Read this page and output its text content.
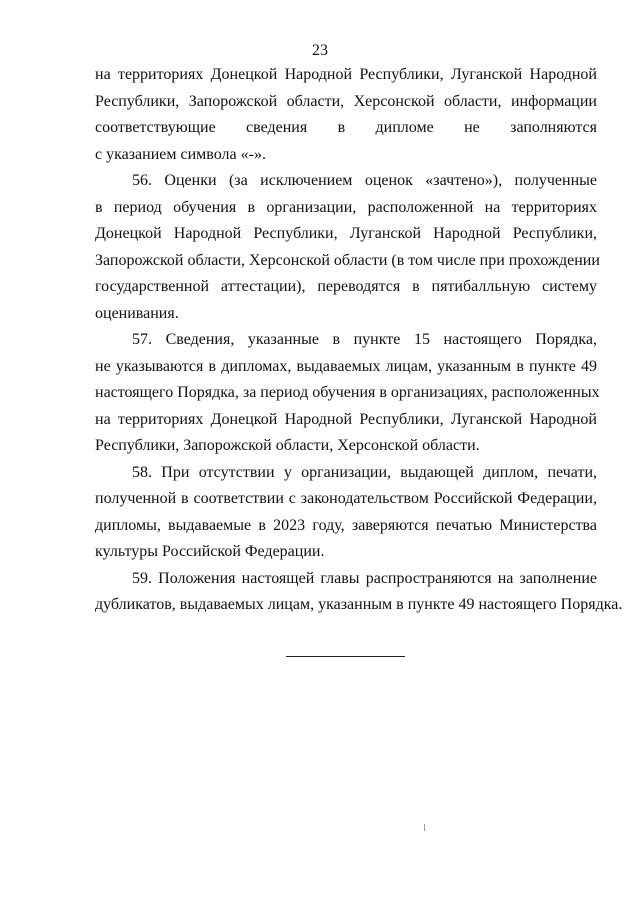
23
на территориях Донецкой Народной Республики, Луганской Народной
Республики, Запорожской области, Херсонской области, информации
соответствующие сведения в дипломе не заполняются
с указанием символа «-».
56. Оценки (за исключением оценок «зачтено»), полученные
в период обучения в организации, расположенной на территориях
Донецкой Народной Республики, Луганской Народной Республики,
Запорожской области, Херсонской области (в том числе при прохождении
государственной аттестации), переводятся в пятибалльную систему
оценивания.
57. Сведения, указанные в пункте 15 настоящего Порядка,
не указываются в дипломах, выдаваемых лицам, указанным в пункте 49
настоящего Порядка, за период обучения в организациях, расположенных
на территориях Донецкой Народной Республики, Луганской Народной
Республики, Запорожской области, Херсонской области.
58. При отсутствии у организации, выдающей диплом, печати,
полученной в соответствии с законодательством Российской Федерации,
дипломы, выдаваемые в 2023 году, заверяются печатью Министерства
культуры Российской Федерации.
59. Положения настоящей главы распространяются на заполнение
дубликатов, выдаваемых лицам, указанным в пункте 49 настоящего Порядка.
